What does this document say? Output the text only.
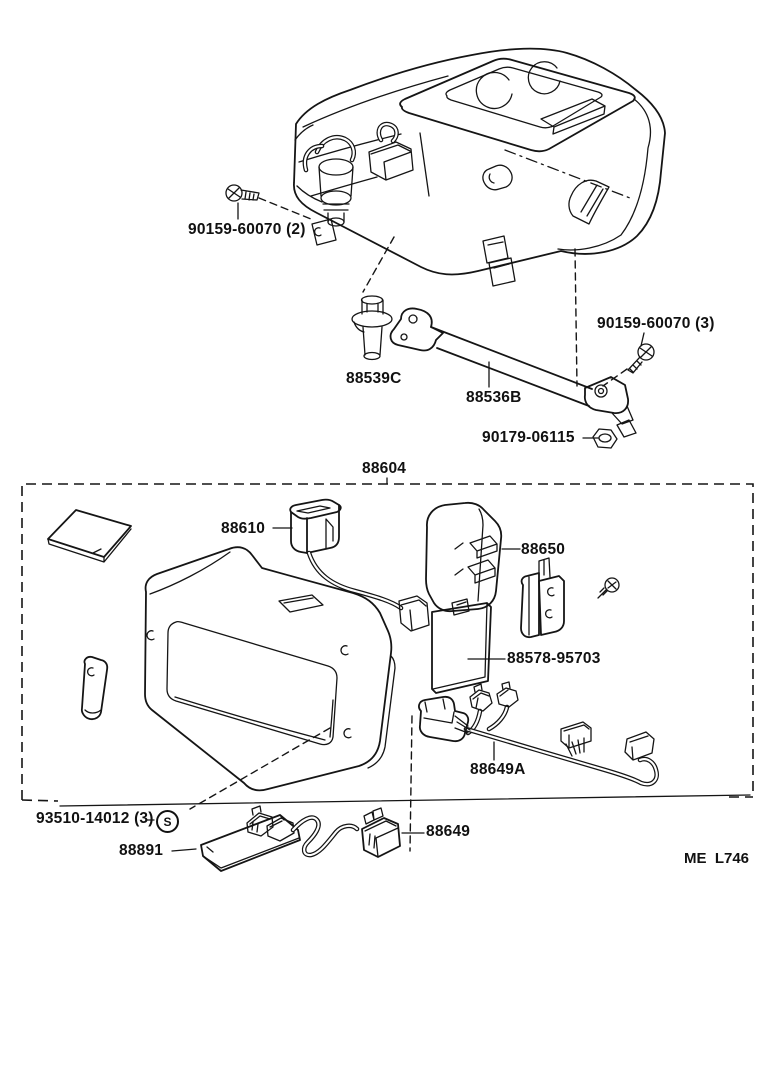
90159-60070 (2)
88539C
88536B
90159-60070 (3)
90179-06115
88604
88610
88650
88578-95703
88649A
93510-14012 (3)
88891
88649
S
ME  L746
